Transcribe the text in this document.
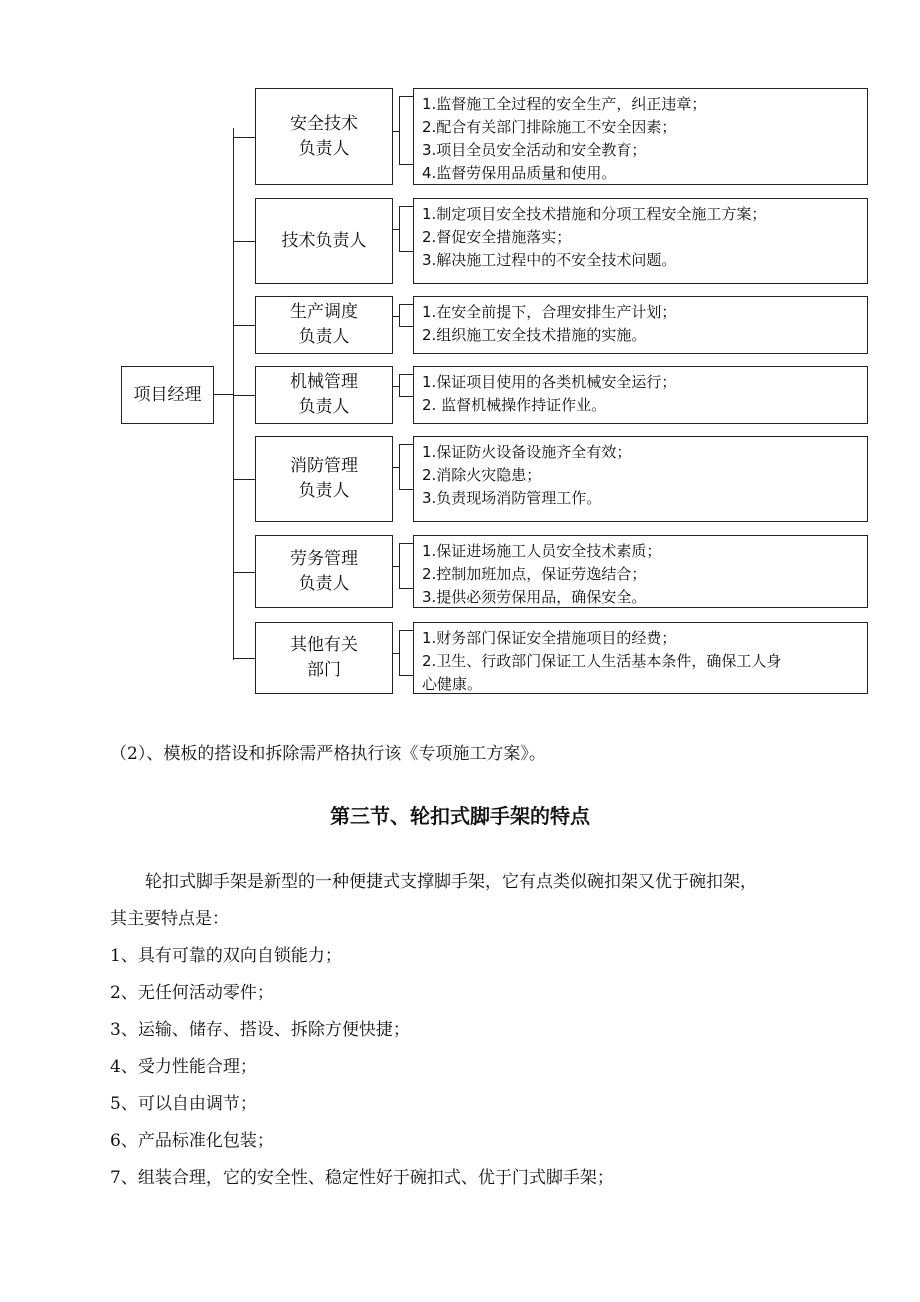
项目经理
安全技术
负责人
1.监督施工全过程的安全生产，纠正违章；
2.配合有关部门排除施工不安全因素；
3.项目全员安全活动和安全教育；
4.监督劳保用品质量和使用。
技术负责人
1.制定项目安全技术措施和分项工程安全施工方案；
2.督促安全措施落实；
3.解决施工过程中的不安全技术问题。
生产调度
负责人
1.在安全前提下，合理安排生产计划；
2.组织施工安全技术措施的实施。
机械管理
负责人
1.保证项目使用的各类机械安全运行；
2. 监督机械操作持证作业。
消防管理
负责人
1.保证防火设备设施齐全有效；
2.消除火灾隐患；
3.负责现场消防管理工作。
劳务管理
负责人
1.保证进场施工人员安全技术素质；
2.控制加班加点，保证劳逸结合；
3.提供必须劳保用品，确保安全。
其他有关
部门
1.财务部门保证安全措施项目的经费；
2.卫生、行政部门保证工人生活基本条件，确保工人身
心健康。
（2）、模板的搭设和拆除需严格执行该《专项施工方案》。
第三节、轮扣式脚手架的特点
轮扣式脚手架是新型的一种便捷式支撑脚手架，它有点类似碗扣架又优于碗扣架，
其主要特点是：
1、具有可靠的双向自锁能力；
2、无任何活动零件；
3、运输、储存、搭设、拆除方便快捷；
4、受力性能合理；
5、可以自由调节；
6、产品标准化包装；
7、组装合理，它的安全性、稳定性好于碗扣式、优于门式脚手架；
